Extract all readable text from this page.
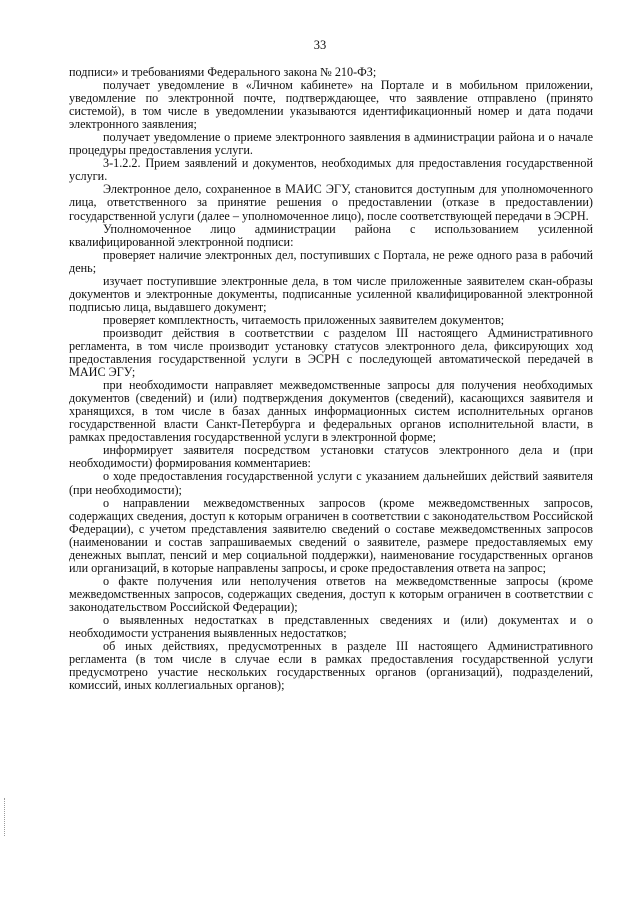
33

подписи» и требованиями Федерального закона № 210-ФЗ;

получает уведомление в «Личном кабинете» на Портале и в мобильном приложении, уведомление по электронной почте, подтверждающее, что заявление отправлено (принято системой), в том числе в уведомлении указываются идентификационный номер и дата подачи электронного заявления;

получает уведомление о приеме электронного заявления в администрации района и о начале процедуры предоставления услуги.

3-1.2.2. Прием заявлений и документов, необходимых для предоставления государственной услуги.

Электронное дело, сохраненное в МАИС ЭГУ, становится доступным для уполномоченного лица, ответственного за принятие решения о предоставлении (отказе в предоставлении) государственной услуги (далее – уполномоченное лицо), после соответствующей передачи в ЭСРН.

Уполномоченное лицо администрации района с использованием усиленной квалифицированной электронной подписи:

проверяет наличие электронных дел, поступивших с Портала, не реже одного раза в рабочий день;

изучает поступившие электронные дела, в том числе приложенные заявителем скан-образы документов и электронные документы, подписанные усиленной квалифицированной электронной подписью лица, выдавшего документ;

проверяет комплектность, читаемость приложенных заявителем документов;

производит действия в соответствии с разделом III настоящего Административного регламента, в том числе производит установку статусов электронного дела, фиксирующих ход предоставления государственной услуги в ЭСРН с последующей автоматической передачей в МАИС ЭГУ;

при необходимости направляет межведомственные запросы для получения необходимых документов (сведений) и (или) подтверждения документов (сведений), касающихся заявителя и хранящихся, в том числе в базах данных информационных систем исполнительных органов государственной власти Санкт-Петербурга и федеральных органов исполнительной власти, в рамках предоставления государственной услуги в электронной форме;

информирует заявителя посредством установки статусов электронного дела и (при необходимости) формирования комментариев:

о ходе предоставления государственной услуги с указанием дальнейших действий заявителя (при необходимости);

о направлении межведомственных запросов (кроме межведомственных запросов, содержащих сведения, доступ к которым ограничен в соответствии с законодательством Российской Федерации), с учетом представления заявителю сведений о составе межведомственных запросов (наименовании и состав запрашиваемых сведений о заявителе, размере предоставляемых ему денежных выплат, пенсий и мер социальной поддержки), наименование государственных органов или организаций, в которые направлены запросы, и сроке предоставления ответа на запрос;

о факте получения или неполучения ответов на межведомственные запросы (кроме межведомственных запросов, содержащих сведения, доступ к которым ограничен в соответствии с законодательством Российской Федерации);

о выявленных недостатках в представленных сведениях и (или) документах и о необходимости устранения выявленных недостатков;

об иных действиях, предусмотренных в разделе III настоящего Административного регламента (в том числе в случае если в рамках предоставления государственной услуги предусмотрено участие нескольких государственных органов (организаций), подразделений, комиссий, иных коллегиальных органов);
